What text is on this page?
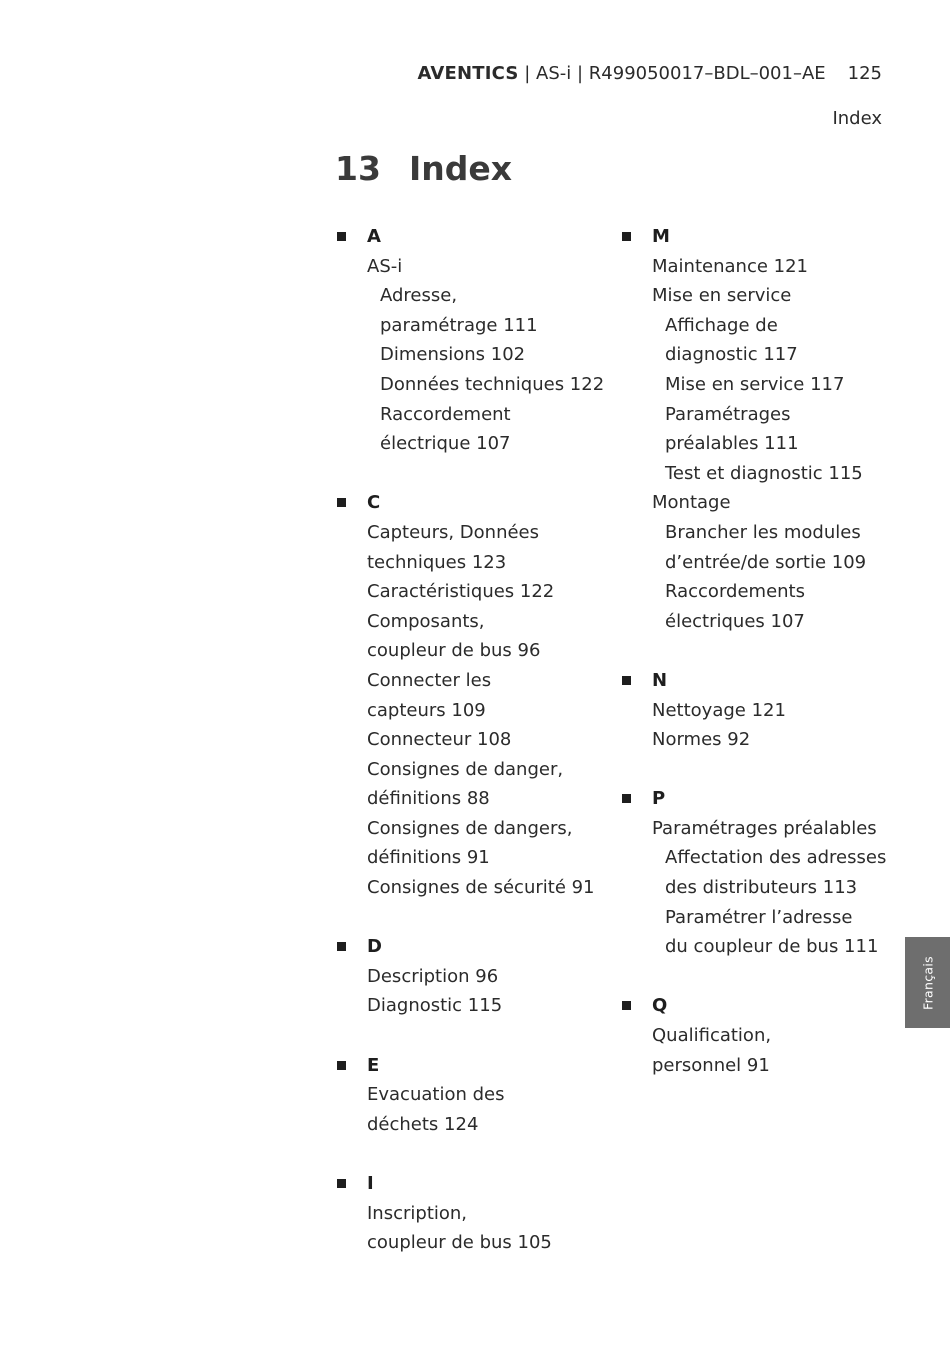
AVENTICS | AS-i | R499050017–BDL–001–AE 125
Index
13 Index
A
AS-i
Adresse,
paramétrage 111
Dimensions 102
Données techniques 122
Raccordement
électrique 107
C
Capteurs, Données
techniques 123
Caractéristiques 122
Composants,
coupleur de bus 96
Connecter les
capteurs 109
Connecteur 108
Consignes de danger,
définitions 88
Consignes de dangers,
définitions 91
Consignes de sécurité 91
D
Description 96
Diagnostic 115
E
Evacuation des
déchets 124
I
Inscription,
coupleur de bus 105
M
Maintenance 121
Mise en service
Affichage de
diagnostic 117
Mise en service 117
Paramétrages
préalables 111
Test et diagnostic 115
Montage
Brancher les modules
d’entrée/de sortie 109
Raccordements
électriques 107
N
Nettoyage 121
Normes 92
P
Paramétrages préalables
Affectation des adresses
des distributeurs 113
Paramétrer l’adresse
du coupleur de bus 111
Q
Qualification,
personnel 91
Français
